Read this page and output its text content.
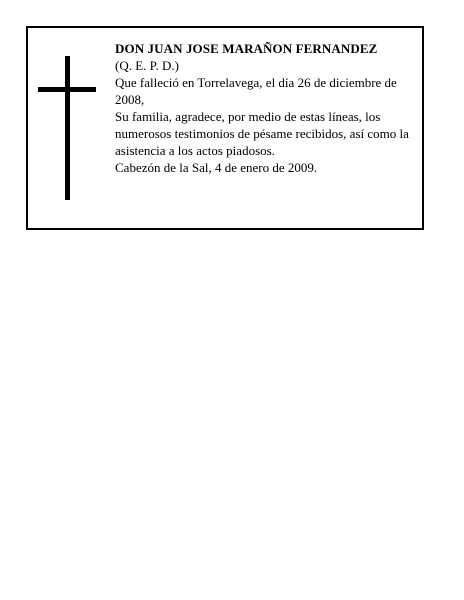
DON JUAN JOSE MARAÑON FERNANDEZ

(Q. E. P. D.)

Que falleció en Torrelavega, el día 26 de diciembre de 2008,

Su familia, agradece, por medio de estas líneas, los numerosos testimonios de pésame recibidos, así como la asistencia a los actos piadosos.

Cabezón de la Sal, 4 de enero de 2009.
